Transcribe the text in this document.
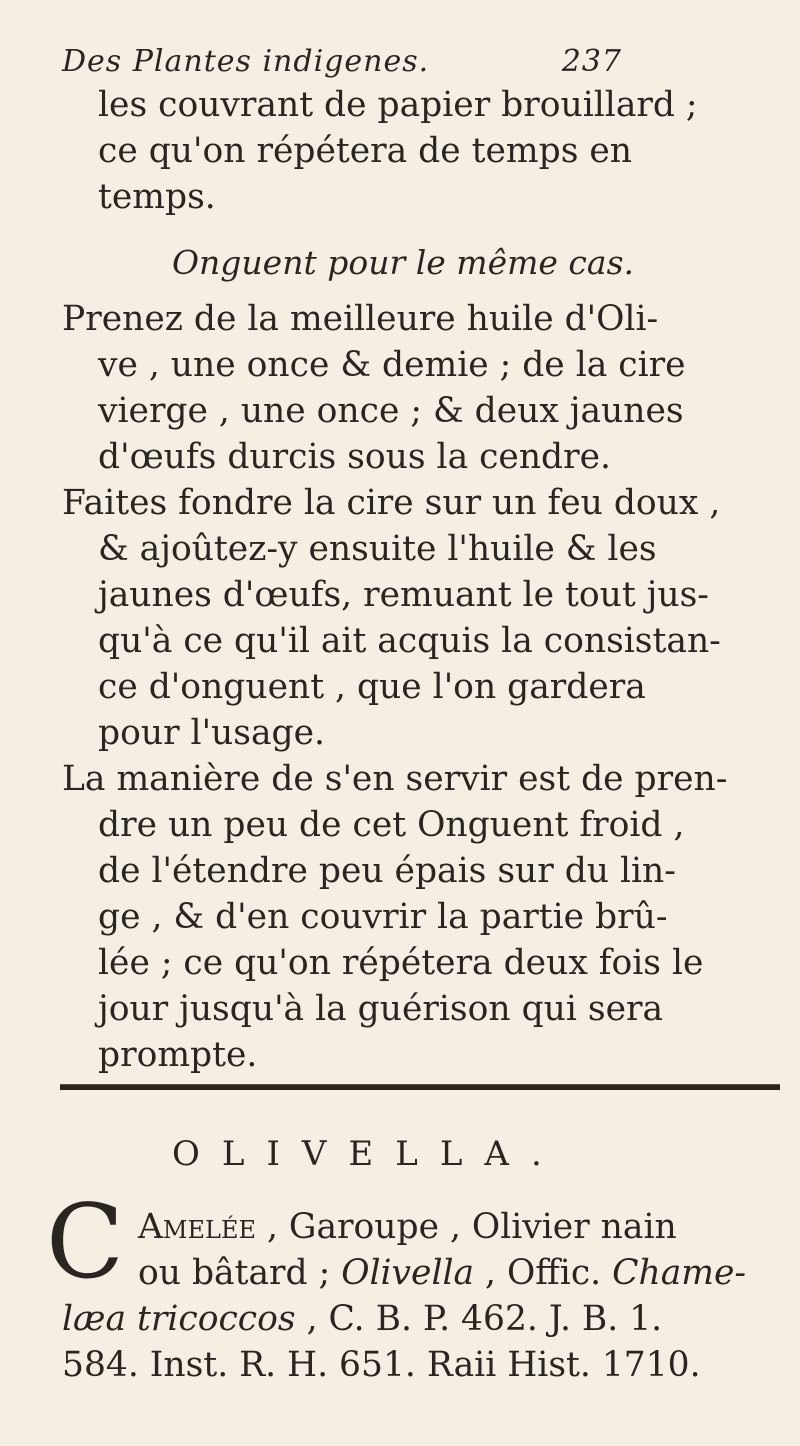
Des Plantes indigenes.	237
les couvrant de papier brouillard ;
ce qu'on répétera de temps en
temps.
Onguent pour le même cas.
Prenez de la meilleure huile d'Oli-
ve , une once & demie ; de la cire
vierge , une once ; & deux jaunes
d'œufs durcis sous la cendre.
Faites fondre la cire sur un feu doux ,
& ajoûtez-y ensuite l'huile & les
jaunes d'œufs, remuant le tout jus-
qu'à ce qu'il ait acquis la consistan-
ce d'onguent , que l'on gardera
pour l'usage.
La manière de s'en servir est de pren-
dre un peu de cet Onguent froid ,
de l'étendre peu épais sur du lin-
ge , & d'en couvrir la partie brû-
lée ; ce qu'on répétera deux fois le
jour jusqu'à la guérison qui sera
prompte.
OLIVELLA.
C Amelée , Garoupe , Olivier nain
ou bâtard ; Olivella , Offic. Chame-
læa tricoccos , C. B. P. 462. J. B. 1.
584. Inst. R. H. 651. Raii Hist. 1710.
